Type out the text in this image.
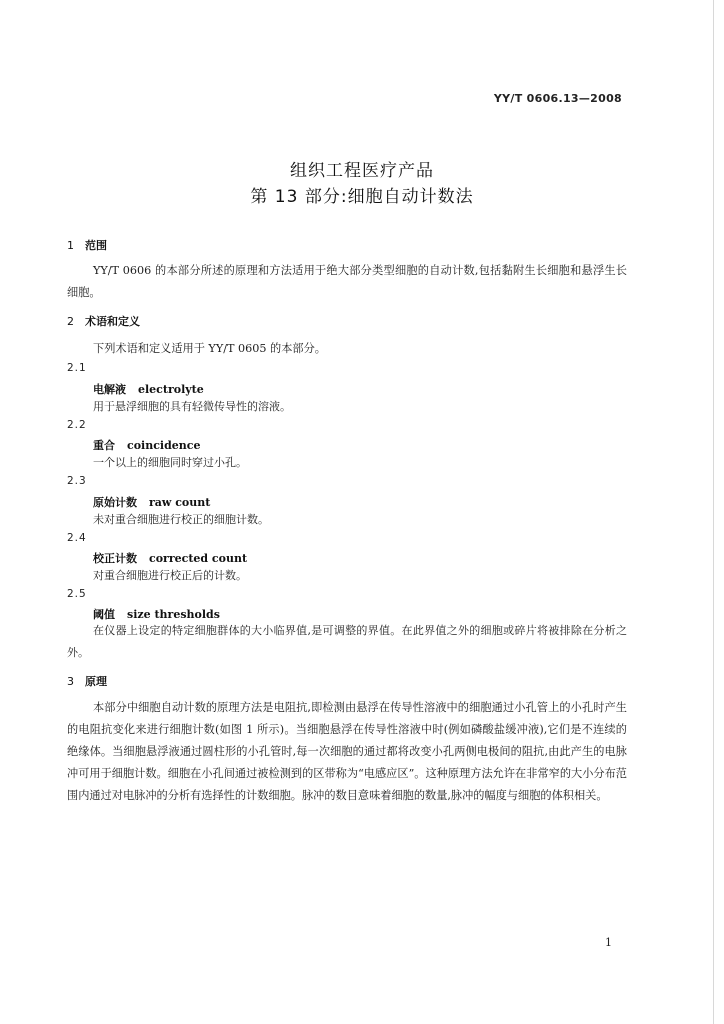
YY/T 0606.13—2008
组织工程医疗产品
第 13 部分:细胞自动计数法
1 范围
YY/T 0606 的本部分所述的原理和方法适用于绝大部分类型细胞的自动计数,包括黏附生长细胞和悬浮生长细胞。
2 术语和定义
下列术语和定义适用于 YY/T 0605 的本部分。
2.1
电解液 electrolyte
用于悬浮细胞的具有轻微传导性的溶液。
2.2
重合 coincidence
一个以上的细胞同时穿过小孔。
2.3
原始计数 raw count
未对重合细胞进行校正的细胞计数。
2.4
校正计数 corrected count
对重合细胞进行校正后的计数。
2.5
阈值 size thresholds
在仪器上设定的特定细胞群体的大小临界值,是可调整的界值。在此界值之外的细胞或碎片将被排除在分析之外。
3 原理
本部分中细胞自动计数的原理方法是电阻抗,即检测由悬浮在传导性溶液中的细胞通过小孔管上的小孔时产生的电阻抗变化来进行细胞计数(如图 1 所示)。当细胞悬浮在传导性溶液中时(例如磷酸盐缓冲液),它们是不连续的绝缘体。当细胞悬浮液通过圆柱形的小孔管时,每一次细胞的通过都将改变小孔两侧电极间的阻抗,由此产生的电脉冲可用于细胞计数。细胞在小孔间通过被检测到的区带称为“电感应区”。这种原理方法允许在非常窄的大小分布范围内通过对电脉冲的分析有选择性的计数细胞。脉冲的数目意味着细胞的数量,脉冲的幅度与细胞的体积相关。
1
